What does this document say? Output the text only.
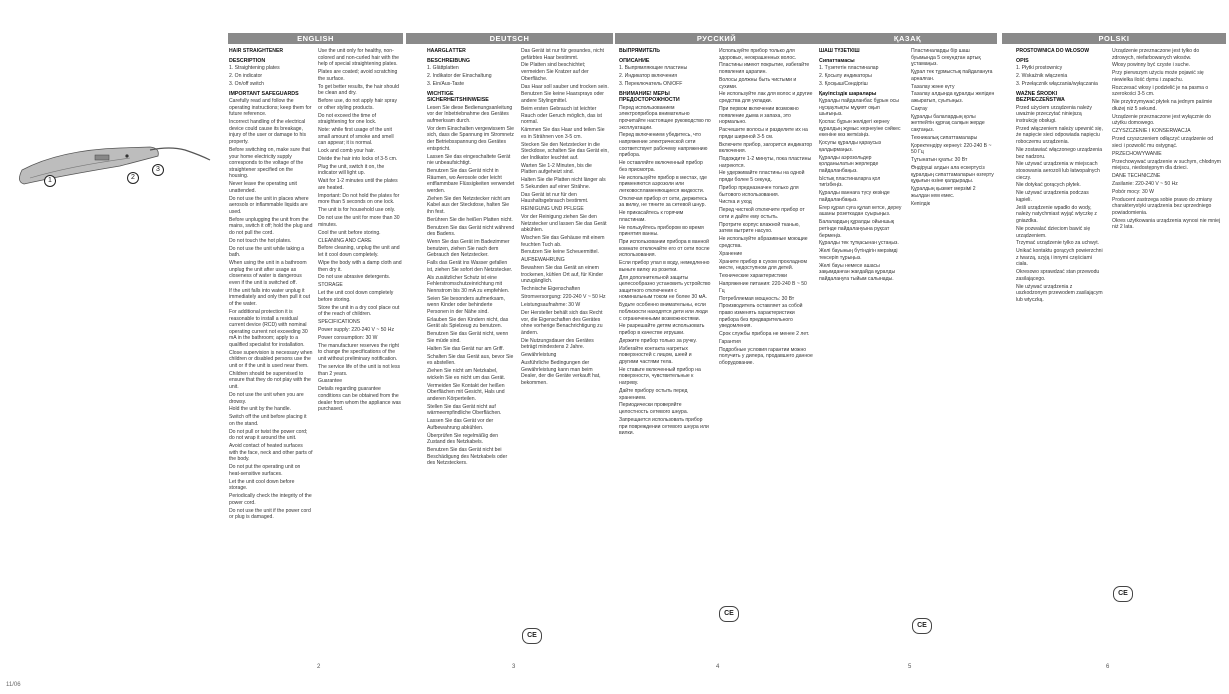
1	2
3
ENGLISH

HAIR STRAIGHTENER

DESCRIPTION

1. Straightening plates

2. On indicator

3. On/off switch

IMPORTANT SAFEGUARDS

Carefully read and follow the operating instructions; keep them for future reference.

Incorrect handling of the electrical device could cause its breakage, injury of the user or damage to his property.

Before switching on, make sure that your home electricity supply corresponds to the voltage of the straightener specified on the housing.

Never leave the operating unit unattended.

Do not use the unit in places where aerosols or inflammable liquids are used.

Before unplugging the unit from the mains, switch it off; hold the plug and do not pull the cord.

Do not touch the hot plates.

Do not use the unit while taking a bath.

When using the unit in a bathroom unplug the unit after usage as closeness of water is dangerous even if the unit is switched off.

If the unit falls into water unplug it immediately and only then pull it out of the water.

For additional protection it is reasonable to install a residual current device (RCD) with nominal operating current not exceeding 30 mA in the bathroom; apply to a qualified specialist for installation.

Close supervision is necessary when children or disabled persons use the unit or if the unit is used near them.

Children should be supervised to ensure that they do not play with the unit.

Do not use the unit when you are drowsy.

Hold the unit by the handle.

Switch off the unit before placing it on the stand.

Do not pull or twist the power cord; do not wrap it around the unit.

Avoid contact of heated surfaces with the face, neck and other parts of the body.

Do not put the operating unit on heat-sensitive surfaces.

Let the unit cool down before storage.

Periodically check the integrity of the power cord.

Do not use the unit if the power cord or plug is damaged.

Use the unit only for healthy, non-colored and non-curled hair with the help of special straightening plates.

Plates are coated; avoid scratching the surface.

To get better results, the hair should be clean and dry.

Before use, do not apply hair spray or other styling products.

Do not exceed the time of straightening for one lock.

Note: while first usage of the unit small amount of smoke and smell can appear; it is normal.

Lock and comb your hair.

Divide the hair into locks of 3-5 cm.

Plug the unit, switch it on, the indicator will light up.

Wait for 1-2 minutes until the plates are heated.

Important: Do not hold the plates for more than 5 seconds on one lock.

The unit is for household use only.

Do not use the unit for more than 30 minutes.

Cool the unit before storing.

CLEANING AND CARE

Before cleaning, unplug the unit and let it cool down completely.

Wipe the body with a damp cloth and then dry it.

Do not use abrasive detergents.

STORAGE

Let the unit cool down completely before storing.

Store the unit in a dry cool place out of the reach of children.

SPECIFICATIONS

Power supply: 220-240 V ~ 50 Hz

Power consumption: 30 W

The manufacturer reserves the right to change the specifications of the unit without preliminary notification.

The service life of the unit is not less than 2 years.

Guarantee

Details regarding guarantee conditions can be obtained from the dealer from whom the appliance was purchased.

DEUTSCH

HAARGLÄTTER

BESCHREIBUNG

1. Glättplatten

2. Indikator der Einschaltung

3. Ein/Aus-Taste

WICHTIGE SICHERHEITSHINWEISE

Lesen Sie diese Bedienungsanleitung vor der Inbetriebnahme des Gerätes aufmerksam durch.

Vor dem Einschalten vergewissern Sie sich, dass die Spannung im Stromnetz der Betriebsspannung des Gerätes entspricht.

Lassen Sie das eingeschaltete Gerät nie unbeaufsichtigt.

Benutzen Sie das Gerät nicht in Räumen, wo Aerosole oder leicht entflammbare Flüssigkeiten verwendet werden.

Ziehen Sie den Netzstecker nicht am Kabel aus der Steckdose, halten Sie ihn fest.

Berühren Sie die heißen Platten nicht.

Benutzen Sie das Gerät nicht während des Badens.

Wenn Sie das Gerät im Badezimmer benutzen, ziehen Sie nach dem Gebrauch den Netzstecker.

Falls das Gerät ins Wasser gefallen ist, ziehen Sie sofort den Netzstecker.

Als zusätzlicher Schutz ist eine Fehlerstromschutzeinrichtung mit Nennstrom bis 30 mA zu empfehlen.

Seien Sie besonders aufmerksam, wenn Kinder oder behinderte Personen in der Nähe sind.

Erlauben Sie den Kindern nicht, das Gerät als Spielzeug zu benutzen.

Benutzen Sie das Gerät nicht, wenn Sie müde sind.

Halten Sie das Gerät nur am Griff.

Schalten Sie das Gerät aus, bevor Sie es abstellen.

Ziehen Sie nicht am Netzkabel, wickeln Sie es nicht um das Gerät.

Vermeiden Sie Kontakt der heißen Oberflächen mit Gesicht, Hals und anderen Körperteilen.

Stellen Sie das Gerät nicht auf wärmeempfindliche Oberflächen.

Lassen Sie das Gerät vor der Aufbewahrung abkühlen.

Überprüfen Sie regelmäßig den Zustand des Netzkabels.

Benutzen Sie das Gerät nicht bei Beschädigung des Netzkabels oder des Netzsteckers.

Das Gerät ist nur für gesundes, nicht gefärbtes Haar bestimmt.

Die Platten sind beschichtet; vermeiden Sie Kratzer auf der Oberfläche.

Das Haar soll sauber und trocken sein.

Benutzen Sie keine Haarsprays oder andere Stylingmittel.

Beim ersten Gebrauch ist leichter Rauch oder Geruch möglich, das ist normal.

Kämmen Sie das Haar und teilen Sie es in Strähnen von 3-5 cm.

Stecken Sie den Netzstecker in die Steckdose, schalten Sie das Gerät ein, der Indikator leuchtet auf.

Warten Sie 1-2 Minuten, bis die Platten aufgeheizt sind.

Halten Sie die Platten nicht länger als 5 Sekunden auf einer Strähne.

Das Gerät ist nur für den Haushaltsgebrauch bestimmt.

REINIGUNG UND PFLEGE

Vor der Reinigung ziehen Sie den Netzstecker und lassen Sie das Gerät abkühlen.

Wischen Sie das Gehäuse mit einem feuchten Tuch ab.

Benutzen Sie keine Scheuermittel.

AUFBEWAHRUNG

Bewahren Sie das Gerät an einem trockenen, kühlen Ort auf, für Kinder unzugänglich.

Technische Eigenschaften

Stromversorgung: 220-240 V ~ 50 Hz

Leistungsaufnahme: 30 W

Der Hersteller behält sich das Recht vor, die Eigenschaften des Gerätes ohne vorherige Benachrichtigung zu ändern.

Die Nutzungsdauer des Gerätes beträgt mindestens 2 Jahre.

Gewährleistung

Ausführliche Bedingungen der Gewährleistung kann man beim Dealer, der die Geräte verkauft hat, bekommen.

CE
РУССКИЙ

ВЫПРЯМИТЕЛЬ

ОПИСАНИЕ

1. Выпрямляющие пластины

2. Индикатор включения

3. Переключатель ON/OFF

ВНИМАНИЕ! МЕРЫ ПРЕДОСТОРОЖНОСТИ

Перед использованием электроприбора внимательно прочитайте настоящее руководство по эксплуатации.

Перед включением убедитесь, что напряжение электрической сети соответствует рабочему напряжению прибора.

Не оставляйте включенный прибор без присмотра.

Не используйте прибор в местах, где применяются аэрозоли или легковоспламеняющиеся жидкости.

Отключая прибор от сети, держитесь за вилку, не тяните за сетевой шнур.

Не прикасайтесь к горячим пластинам.

Не пользуйтесь прибором во время принятия ванны.

При использовании прибора в ванной комнате отключайте его от сети после использования.

Если прибор упал в воду, немедленно выньте вилку из розетки.

Для дополнительной защиты целесообразно установить устройство защитного отключения с номинальным током не более 30 мА.

Будьте особенно внимательны, если поблизости находятся дети или люди с ограниченными возможностями.

Не разрешайте детям использовать прибор в качестве игрушки.

Держите прибор только за ручку.

Избегайте контакта нагретых поверхностей с лицом, шеей и другими частями тела.

Не ставьте включенный прибор на поверхности, чувствительные к нагреву.

Дайте прибору остыть перед хранением.

Периодически проверяйте целостность сетевого шнура.

Запрещается использовать прибор при повреждении сетевого шнура или вилки.

Используйте прибор только для здоровых, неокрашенных волос.

Пластины имеют покрытие, избегайте появления царапин.

Волосы должны быть чистыми и сухими.

Не используйте лак для волос и другие средства для укладки.

При первом включении возможно появление дыма и запаха, это нормально.

Расчешите волосы и разделите их на пряди шириной 3-5 см.

Включите прибор, загорится индикатор включения.

Подождите 1-2 минуты, пока пластины нагреются.

Не удерживайте пластины на одной пряди более 5 секунд.

Прибор предназначен только для бытового использования.

Чистка и уход

Перед чисткой отключите прибор от сети и дайте ему остыть.

Протрите корпус влажной тканью, затем вытрите насухо.

Не используйте абразивные моющие средства.

Хранение

Храните прибор в сухом прохладном месте, недоступном для детей.

Технические характеристики

Напряжение питания: 220-240 В ~ 50 Гц

Потребляемая мощность: 30 Вт

Производитель оставляет за собой право изменять характеристики прибора без предварительного уведомления.

Срок службы прибора не менее 2 лет.

Гарантия

Подробные условия гарантии можно получить у дилера, продавшего данное оборудование.

CE
ҚАЗАҚ

ШАШ ТҮЗЕТКІШ

Сипаттамасы

1. Түзететін пластиналар

2. Қосылу индикаторы

3. Қосқыш/Сөндіргіш

Қауіпсіздік шаралары

Құралды пайдаланбас бұрын осы нұсқаулықты мұқият оқып шығыңыз.

Қоспас бұрын желідегі кернеу құралдың жұмыс кернеуіне сәйкес екеніне көз жеткізіңіз.

Қосулы құралды қараусыз қалдырмаңыз.

Құралды аэрозольдер қолданылатын жерлерде пайдаланбаңыз.

Ыстық пластиналарға қол тигізбеңіз.

Құралды ваннаға түсу кезінде пайдаланбаңыз.

Егер құрал суға құлап кетсе, дереу ашаны розеткадан суырыңыз.

Балалардың құралды ойыншық ретінде пайдалануына рұқсат бермеңіз.

Құралды тек тұтқасынан ұстаңыз.

Желі бауының бүтіндігін мерзімді тексеріп тұрыңыз.

Желі бауы немесе ашасы зақымданған жағдайда құралды пайдалануға тыйым салынады.

Пластиналарды бір шаш буымында 5 секундтан артық ұстамаңыз.

Құрал тек тұрмыстық пайдалануға арналған.

Тазалау және күту

Тазалау алдында құралды желіден ажыратып, суытыңыз.

Сақтау

Құралды балалардың қолы жетпейтін құрғақ салқын жерде сақтаңыз.

Техникалық сипаттамалары

Қоректендіру кернеуі: 220-240 В ~ 50 Гц

Тұтынатын қуаты: 30 Вт

Өндіруші алдын ала ескертусіз құралдың сипаттамаларын өзгерту құқығын өзіне қалдырады.

Құралдың қызмет мерзімі 2 жылдан кем емес.

Кепілдік

CE
POLSKI

PROSTOWNICA DO WŁOSÓW

OPIS

1. Płytki prostownicy

2. Wskaźnik włączenia

3. Przełącznik włączania/wyłączania

WAŻNE ŚRODKI BEZPIECZEŃSTWA

Przed użyciem urządzenia należy uważnie przeczytać niniejszą instrukcję obsługi.

Przed włączeniem należy upewnić się, że napięcie sieci odpowiada napięciu roboczemu urządzenia.

Nie zostawiać włączonego urządzenia bez nadzoru.

Nie używać urządzenia w miejscach stosowania aerozoli lub łatwopalnych cieczy.

Nie dotykać gorących płytek.

Nie używać urządzenia podczas kąpieli.

Jeśli urządzenie wpadło do wody, należy natychmiast wyjąć wtyczkę z gniazdka.

Nie pozwalać dzieciom bawić się urządzeniem.

Trzymać urządzenie tylko za uchwyt.

Unikać kontaktu gorących powierzchni z twarzą, szyją i innymi częściami ciała.

Okresowo sprawdzać stan przewodu zasilającego.

Nie używać urządzenia z uszkodzonym przewodem zasilającym lub wtyczką.

Urządzenie przeznaczone jest tylko do zdrowych, niefarbowanych włosów.

Włosy powinny być czyste i suche.

Przy pierwszym użyciu może pojawić się niewielka ilość dymu i zapachu.

Rozczesać włosy i podzielić je na pasma o szerokości 3-5 cm.

Nie przytrzymywać płytek na jednym paśmie dłużej niż 5 sekund.

Urządzenie przeznaczone jest wyłącznie do użytku domowego.

CZYSZCZENIE I KONSERWACJA

Przed czyszczeniem odłączyć urządzenie od sieci i pozwolić mu ostygnąć.

PRZECHOWYWANIE

Przechowywać urządzenie w suchym, chłodnym miejscu, niedostępnym dla dzieci.

DANE TECHNICZNE

Zasilanie: 220-240 V ~ 50 Hz

Pobór mocy: 30 W

Producent zastrzega sobie prawo do zmiany charakterystyki urządzenia bez uprzedniego powiadomienia.

Okres użytkowania urządzenia wynosi nie mniej niż 2 lata.

CE
2	3	4	5	6
11/06
